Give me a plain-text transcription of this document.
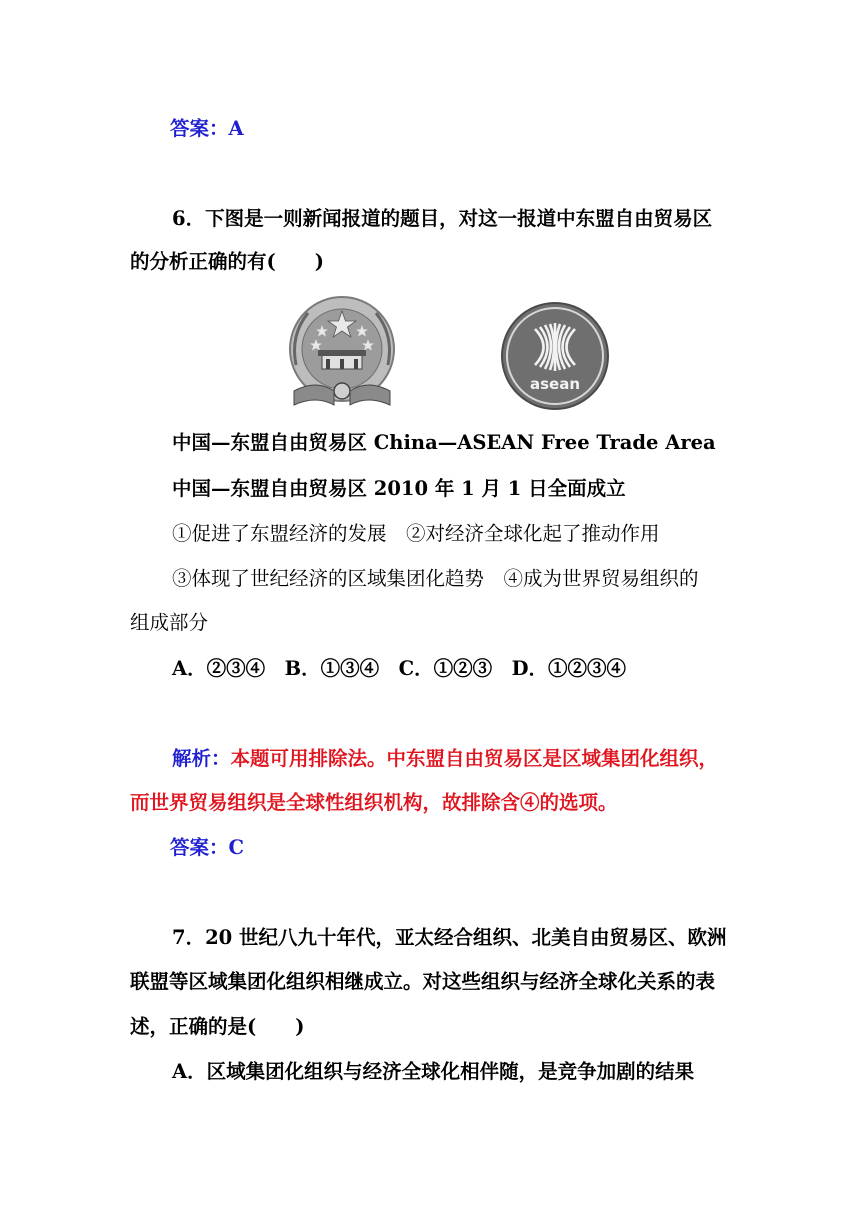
答案：A
6．下图是一则新闻报道的题目，对这一报道中东盟自由贸易区
的分析正确的有(　　)
asean
中国—东盟自由贸易区 China—ASEAN Free Trade Area
中国—东盟自由贸易区 2010 年 1 月 1 日全面成立
①促进了东盟经济的发展　②对经济全球化起了推动作用
③体现了世纪经济的区域集团化趋势　④成为世界贸易组织的
组成部分
A．②③④　B．①③④　C．①②③　D．①②③④
解析：本题可用排除法。中东盟自由贸易区是区域集团化组织，
而世界贸易组织是全球性组织机构，故排除含④的选项。
答案：C
7．20 世纪八九十年代，亚太经合组织、北美自由贸易区、欧洲
联盟等区域集团化组织相继成立。对这些组织与经济全球化关系的表
述，正确的是(　　)
A．区域集团化组织与经济全球化相伴随，是竞争加剧的结果
